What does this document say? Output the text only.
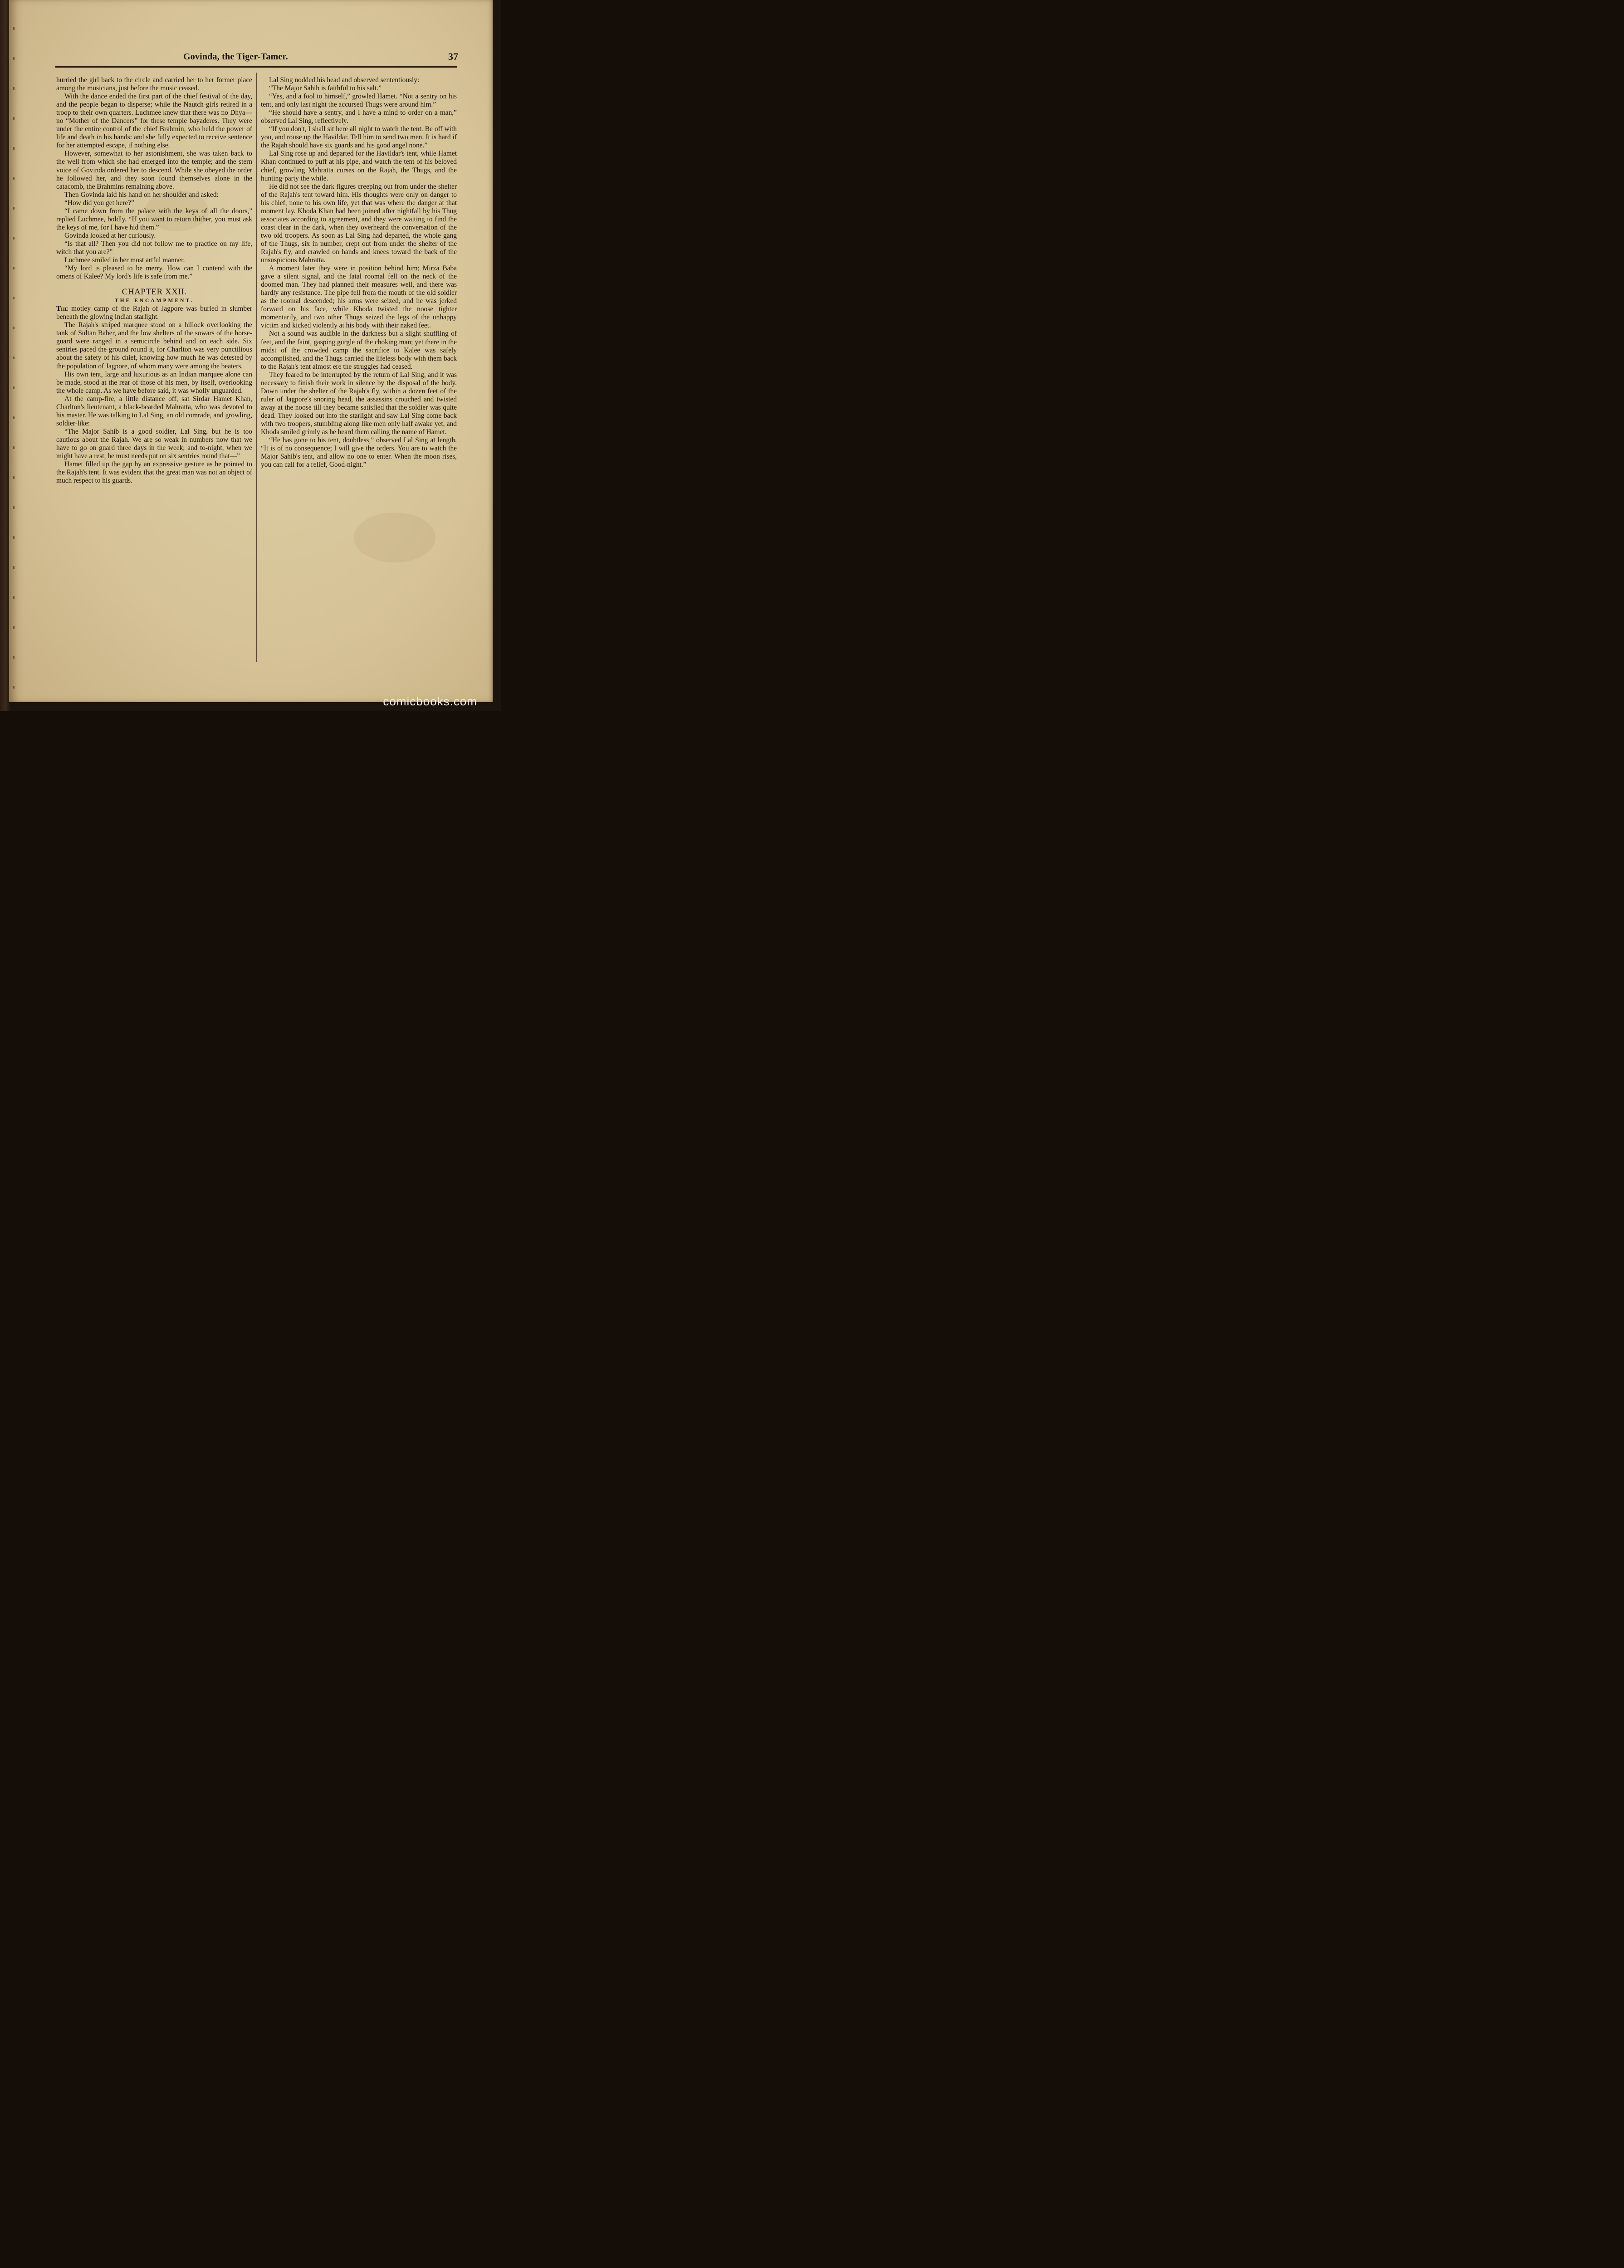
Govinda, the Tiger-Tamer.	37

hurried the girl back to the circle and carried her to her former place among the musicians, just before the music ceased.

With the dance ended the first part of the chief festival of the day, and the people began to disperse; while the Nautch-girls retired in a troop to their own quarters. Luchmee knew that there was no Dhya—no “Mother of the Dancers” for these temple bayaderes. They were under the entire control of the chief Brahmin, who held the power of life and death in his hands: and she fully expected to receive sentence for her attempted escape, if nothing else.

However, somewhat to her astonishment, she was taken back to the well from which she had emerged into the temple; and the stern voice of Govinda ordered her to descend. While she obeyed the order he followed her, and they soon found themselves alone in the catacomb, the Brahmins remaining above.

Then Govinda laid his hand on her shoulder and asked:

“How did you get here?”

“I came down from the palace with the keys of all the doors,” replied Luchmee, boldly. “If you want to return thither, you must ask the keys of me, for I have hid them.”

Govinda looked at her curiously.

“Is that all? Then you did not follow me to practice on my life, witch that you are?”

Luchmee smiled in her most artful manner.

“My lord is pleased to be merry. How can I contend with the omens of Kalee? My lord's life is safe from me.”

CHAPTER XXII.
THE ENCAMPMENT.

The motley camp of the Rajah of Jagpore was buried in slumber beneath the glowing Indian starlight.

The Rajah's striped marquee stood on a hillock overlooking the tank of Sultan Baber, and the low shelters of the sowars of the horse-guard were ranged in a semicircle behind and on each side. Six sentries paced the ground round it, for Charlton was very punctilious about the safety of his chief, knowing how much he was detested by the population of Jagpore, of whom many were among the beaters.

His own tent, large and luxurious as an Indian marquee alone can be made, stood at the rear of those of his men, by itself, overlooking the whole camp. As we have before said, it was wholly unguarded.

At the camp-fire, a little distance off, sat Sirdar Hamet Khan, Charlton's lieutenant, a black-bearded Mahratta, who was devoted to his master. He was talking to Lal Sing, an old comrade, and growling, soldier-like:

“The Major Sahib is a good soldier, Lal Sing, but he is too cautious about the Rajah. We are so weak in numbers now that we have to go on guard three days in the week; and to-night, when we might have a rest, he must needs put on six sentries round that—”

Hamet filled up the gap by an expressive gesture as he pointed to the Rajah's tent. It was evident that the great man was not an object of much respect to his guards.

Lal Sing nodded his head and observed sententiously:

“The Major Sahib is faithful to his salt.”

“Yes, and a fool to himself,” growled Hamet. “Not a sentry on his tent, and only last night the accursed Thugs were around him.”

“He should have a sentry, and I have a mind to order on a man,” observed Lal Sing, reflectively.

“If you don't, I shall sit here all night to watch the tent. Be off with you, and rouse up the Havildar. Tell him to send two men. It is hard if the Rajah should have six guards and his good angel none.”

Lal Sing rose up and departed for the Havildar's tent, while Hamet Khan continued to puff at his pipe, and watch the tent of his beloved chief, growling Mahratta curses on the Rajah, the Thugs, and the hunting-party the while.

He did not see the dark figures creeping out from under the shelter of the Rajah's tent toward him. His thoughts were only on danger to his chief, none to his own life, yet that was where the danger at that moment lay. Khoda Khan had been joined after nightfall by his Thug associates according to agreement, and they were waiting to find the coast clear in the dark, when they overheard the conversation of the two old troopers. As soon as Lal Sing had departed, the whole gang of the Thugs, six in number, crept out from under the shelter of the Rajah's fly, and crawled on hands and knees toward the back of the unsuspicious Mahratta.

A moment later they were in position behind him; Mirza Baba gave a silent signal, and the fatal roomal fell on the neck of the doomed man. They had planned their measures well, and there was hardly any resistance. The pipe fell from the mouth of the old soldier as the roomal descended; his arms were seized, and he was jerked forward on his face, while Khoda twisted the noose tighter momentarily, and two other Thugs seized the legs of the unhappy victim and kicked violently at his body with their naked feet.

Not a sound was audible in the darkness but a slight shuffling of feet, and the faint, gasping gurgle of the choking man; yet there in the midst of the crowded camp the sacrifice to Kalee was safely accomplished, and the Thugs carried the lifeless body with them back to the Rajah's tent almost ere the struggles had ceased.

They feared to be interrupted by the return of Lal Sing, and it was necessary to finish their work in silence by the disposal of the body. Down under the shelter of the Rajah's fly, within a dozen feet of the ruler of Jagpore's snoring head, the assassins crouched and twisted away at the noose till they became satisfied that the soldier was quite dead. They looked out into the starlight and saw Lal Sing come back with two troopers, stumbling along like men only half awake yet, and Khoda smiled grimly as he heard them calling the name of Hamet.

“He has gone to his tent, doubtless,” observed Lal Sing at length. “It is of no consequence; I will give the orders. You are to watch the Major Sahib's tent, and allow no one to enter. When the moon rises, you can call for a relief, Good-night.”

comicbooks.com
